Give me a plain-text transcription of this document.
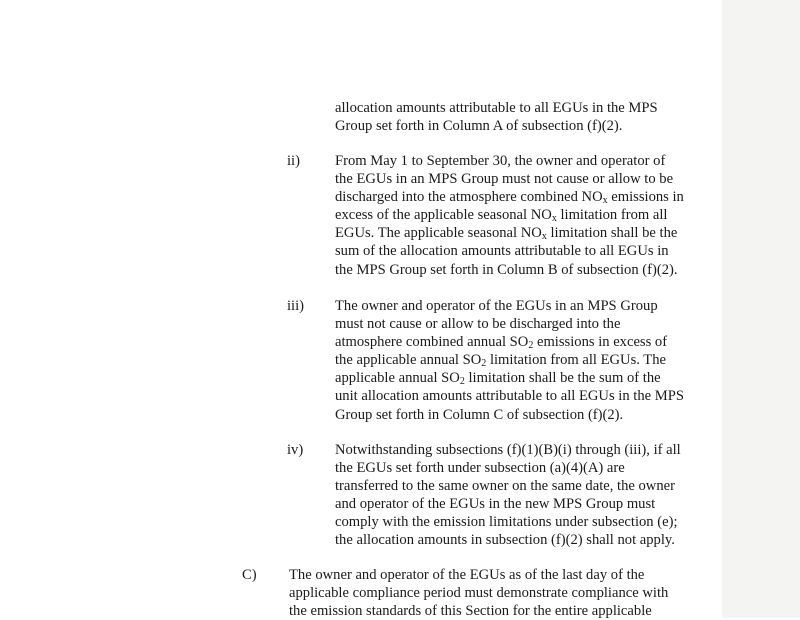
allocation amounts attributable to all EGUs in the MPS
Group set forth in Column A of subsection (f)(2).
ii) From May 1 to September 30, the owner and operator of
the EGUs in an MPS Group must not cause or allow to be
discharged into the atmosphere combined $NO_x$ emissions in
excess of the applicable seasonal $NO_x$ limitation from all
EGUs. The applicable seasonal $NO_x$ limitation shall be the
sum of the allocation amounts attributable to all EGUs in
the MPS Group set forth in Column B of subsection (f)(2).
iii) The owner and operator of the EGUs in an MPS Group
must not cause or allow to be discharged into the
atmosphere combined annual $SO_2$ emissions in excess of
the applicable annual $SO_2$ limitation from all EGUs. The
applicable annual $SO_2$ limitation shall be the sum of the
unit allocation amounts attributable to all EGUs in the MPS
Group set forth in Column C of subsection (f)(2).
iv) Notwithstanding subsections (f)(1)(B)(i) through (iii), if all
the EGUs set forth under subsection (a)(4)(A) are
transferred to the same owner on the same date, the owner
and operator of the EGUs in the new MPS Group must
comply with the emission limitations under subsection (e);
the allocation amounts in subsection (f)(2) shall not apply.
C) The owner and operator of the EGUs as of the last day of the
applicable compliance period must demonstrate compliance with
the emission standards of this Section for the entire applicable
